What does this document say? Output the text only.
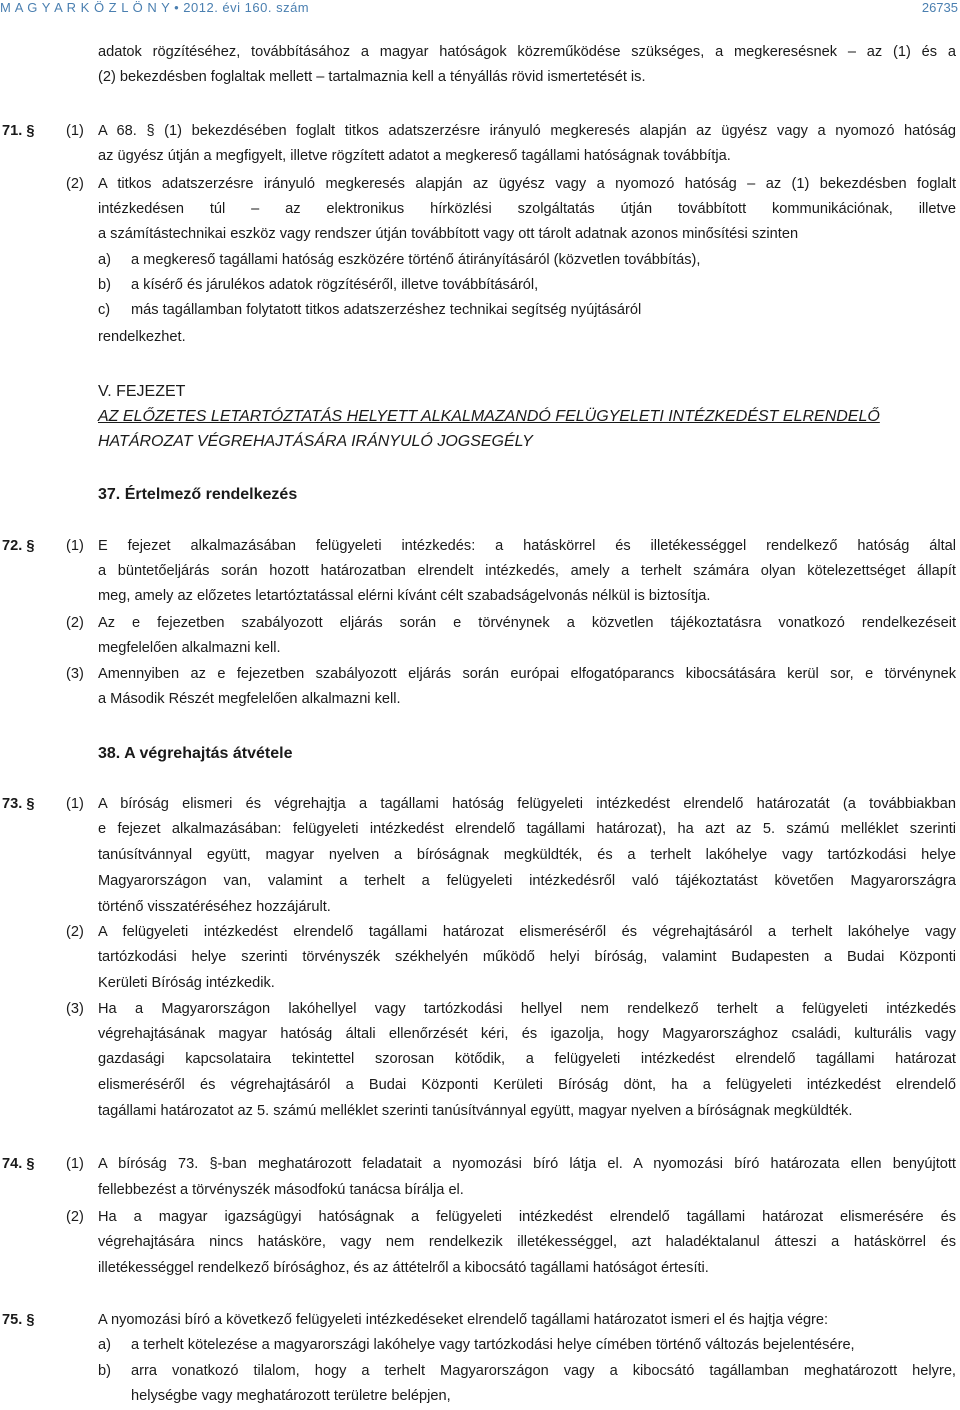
M A G Y A R K Ö Z L Ö N Y • 2012. évi 160. szám	26735
adatok rögzítéséhez, továbbításához a magyar hatóságok közreműködése szükséges, a megkeresésnek – az (1) és a
(2) bekezdésben foglaltak mellett – tartalmaznia kell a tényállás rövid ismertetését is.
71. § (1) A 68. § (1) bekezdésében foglalt titkos adatszerzésre irányuló megkeresés alapján az ügyész vagy a nyomozó hatóság
az ügyész útján a megfigyelt, illetve rögzített adatot a megkereső tagállami hatóságnak továbbítja.
(2) A titkos adatszerzésre irányuló megkeresés alapján az ügyész vagy a nyomozó hatóság – az (1) bekezdésben foglalt
intézkedésen túl – az elektronikus hírközlési szolgáltatás útján továbbított kommunikációnak, illetve
a számítástechnikai eszköz vagy rendszer útján továbbított vagy ott tárolt adatnak azonos minősítési szinten
a) a megkereső tagállami hatóság eszközére történő átirányításáról (közvetlen továbbítás),
b) a kísérő és járulékos adatok rögzítéséről, illetve továbbításáról,
c) más tagállamban folytatott titkos adatszerzéshez technikai segítség nyújtásáról
rendelkezhet.
V. FEJEZET
AZ ELŐZETES LETARTÓZTATÁS HELYETT ALKALMAZANDÓ FELÜGYELETI INTÉZKEDÉST ELRENDELŐ
HATÁROZAT VÉGREHAJTÁSÁRA IRÁNYULÓ JOGSEGÉLY
37. Értelmező rendelkezés
72. § (1) E fejezet alkalmazásában felügyeleti intézkedés: a hatáskörrel és illetékességgel rendelkező hatóság által
a büntetőeljárás során hozott határozatban elrendelt intézkedés, amely a terhelt számára olyan kötelezettséget állapít
meg, amely az előzetes letartóztatással elérni kívánt célt szabadságelvonás nélkül is biztosítja.
(2) Az e fejezetben szabályozott eljárás során e törvénynek a közvetlen tájékoztatásra vonatkozó rendelkezéseit
megfelelően alkalmazni kell.
(3) Amennyiben az e fejezetben szabályozott eljárás során európai elfogatóparancs kibocsátására kerül sor, e törvénynek
a Második Részét megfelelően alkalmazni kell.
38. A végrehajtás átvétele
73. § (1) A bíróság elismeri és végrehajtja a tagállami hatóság felügyeleti intézkedést elrendelő határozatát (a továbbiakban
e fejezet alkalmazásában: felügyeleti intézkedést elrendelő tagállami határozat), ha azt az 5. számú melléklet szerinti
tanúsítvánnyal együtt, magyar nyelven a bíróságnak megküldték, és a terhelt lakóhelye vagy tartózkodási helye
Magyarországon van, valamint a terhelt a felügyeleti intézkedésről való tájékoztatást követően Magyarországra
történő visszatéréséhez hozzájárult.
(2) A felügyeleti intézkedést elrendelő tagállami határozat elismeréséről és végrehajtásáról a terhelt lakóhelye vagy
tartózkodási helye szerinti törvényszék székhelyén működő helyi bíróság, valamint Budapesten a Budai Központi
Kerületi Bíróság intézkedik.
(3) Ha a Magyarországon lakóhellyel vagy tartózkodási hellyel nem rendelkező terhelt a felügyeleti intézkedés
végrehajtásának magyar hatóság általi ellenőrzését kéri, és igazolja, hogy Magyarországhoz családi, kulturális vagy
gazdasági kapcsolataira tekintettel szorosan kötődik, a felügyeleti intézkedést elrendelő tagállami határozat
elismeréséről és végrehajtásáról a Budai Központi Kerületi Bíróság dönt, ha a felügyeleti intézkedést elrendelő
tagállami határozatot az 5. számú melléklet szerinti tanúsítvánnyal együtt, magyar nyelven a bíróságnak megküldték.
74. § (1) A bíróság 73. §-ban meghatározott feladatait a nyomozási bíró látja el. A nyomozási bíró határozata ellen benyújtott
fellebbezést a törvényszék másodfokú tanácsa bírálja el.
(2) Ha a magyar igazságügyi hatóságnak a felügyeleti intézkedést elrendelő tagállami határozat elismerésére és
végrehajtására nincs hatásköre, vagy nem rendelkezik illetékességgel, azt haladéktalanul átteszi a hatáskörrel és
illetékességgel rendelkező bírósághoz, és az áttételről a kibocsátó tagállami hatóságot értesíti.
75. §	A nyomozási bíró a következő felügyeleti intézkedéseket elrendelő tagállami határozatot ismeri el és hajtja végre:
a) a terhelt kötelezése a magyarországi lakóhelye vagy tartózkodási helye címében történő változás bejelentésére,
b) arra vonatkozó tilalom, hogy a terhelt Magyarországon vagy a kibocsátó tagállamban meghatározott helyre,
helységbe vagy meghatározott területre belépjen,
